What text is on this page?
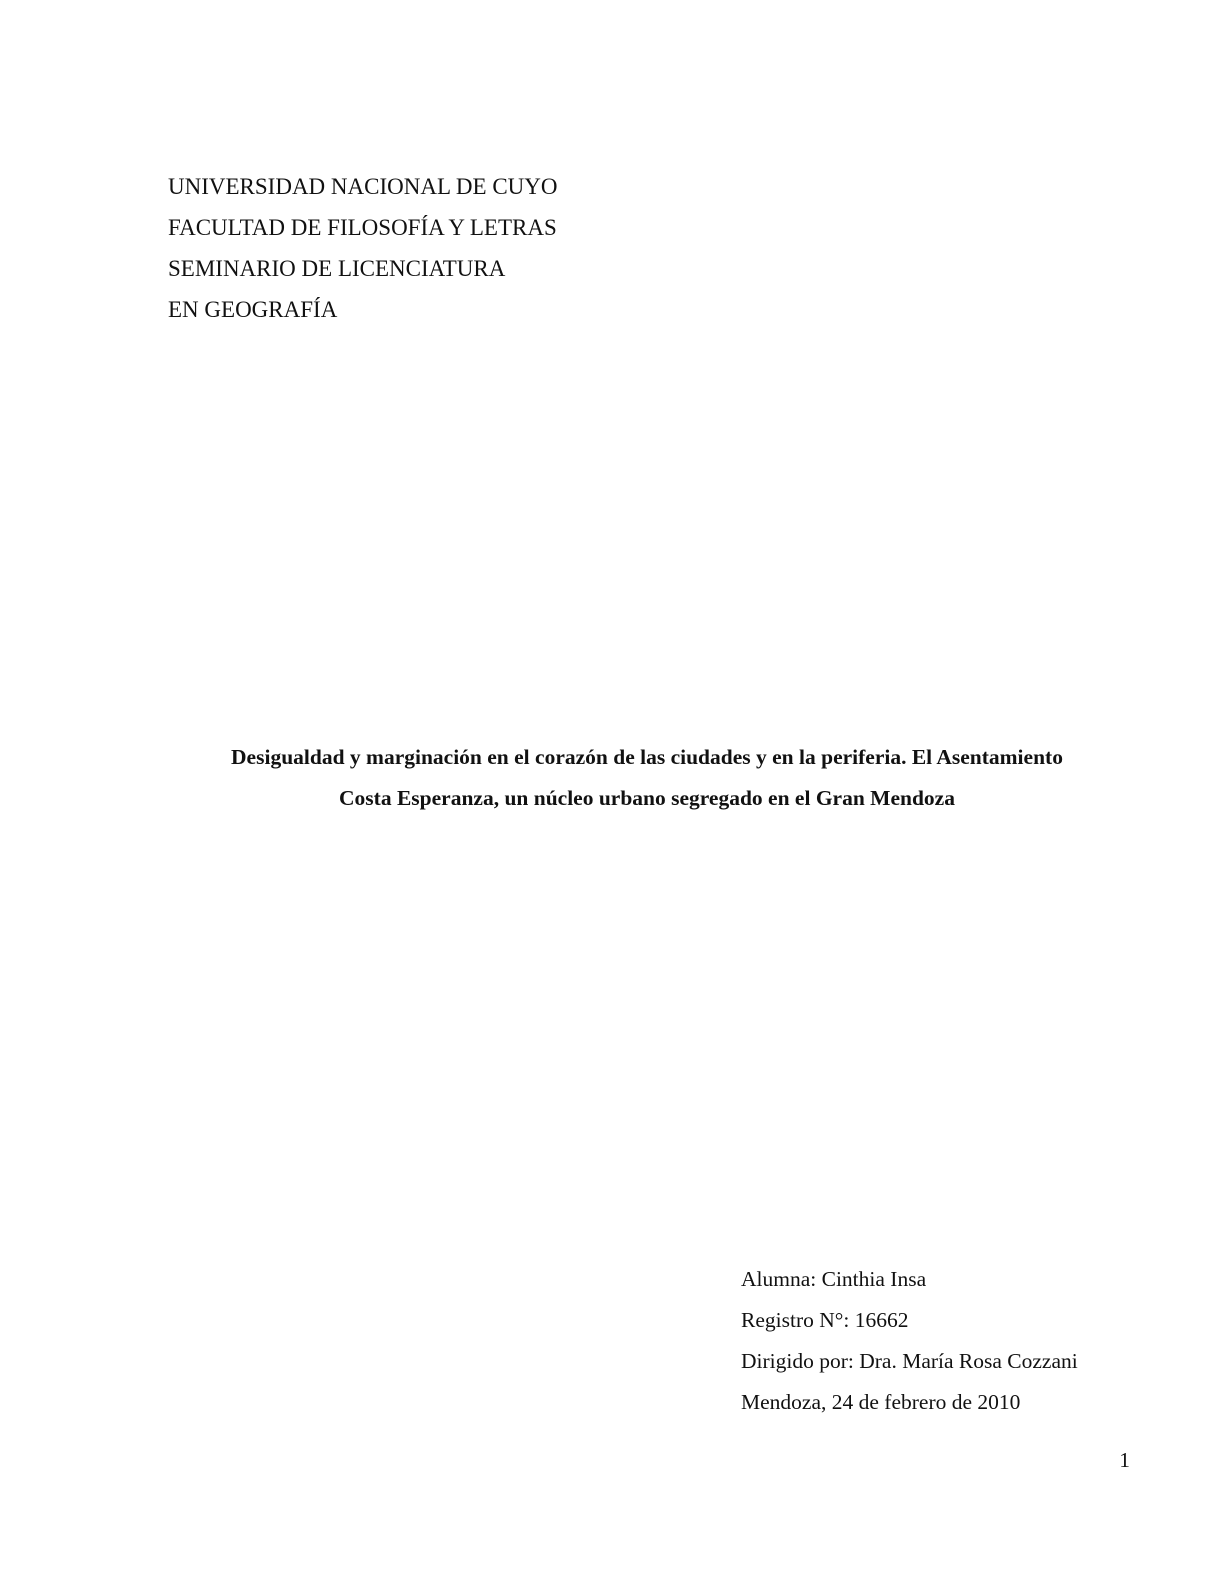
UNIVERSIDAD NACIONAL DE CUYO
FACULTAD DE FILOSOFÍA Y LETRAS
SEMINARIO DE LICENCIATURA
EN GEOGRAFÍA
Desigualdad y marginación en el corazón de las ciudades y en la periferia. El Asentamiento
Costa Esperanza, un núcleo urbano segregado en el Gran Mendoza
Alumna: Cinthia Insa
Registro N°: 16662
Dirigido por: Dra. María Rosa Cozzani
Mendoza, 24 de febrero de 2010
1
